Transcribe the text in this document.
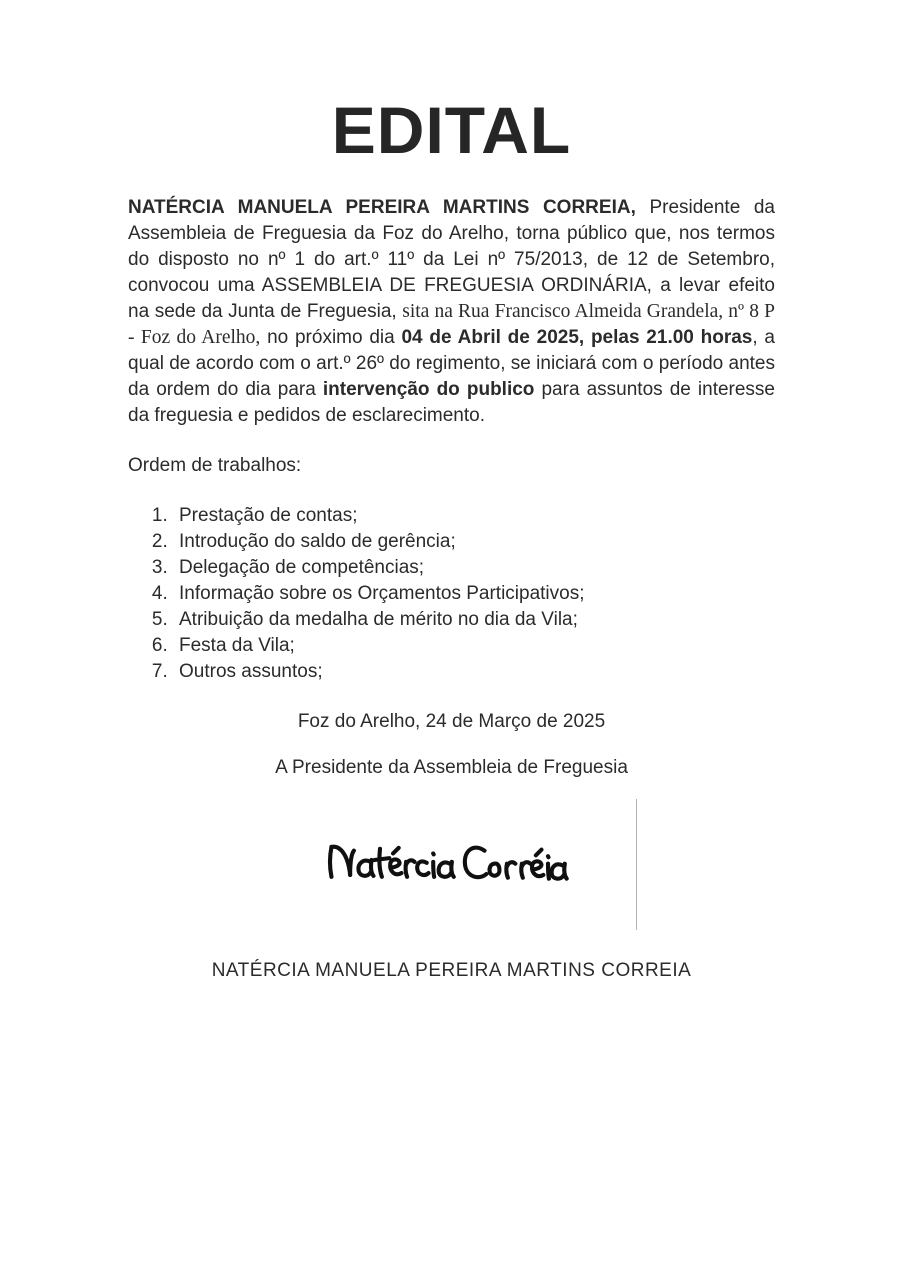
EDITAL

NATÉRCIA MANUELA PEREIRA MARTINS CORREIA, Presidente da Assembleia de Freguesia da Foz do Arelho, torna público que, nos termos do disposto no nº 1 do art.º 11º da Lei nº 75/2013, de 12 de Setembro, convocou uma ASSEMBLEIA DE FREGUESIA ORDINÁRIA, a levar efeito na sede da Junta de Freguesia, sita na Rua Francisco Almeida Grandela, nº 8 P - Foz do Arelho, no próximo dia 04 de Abril de 2025, pelas 21.00 horas, a qual de acordo com o art.º 26º do regimento, se iniciará com o período antes da ordem do dia para intervenção do publico para assuntos de interesse da freguesia e pedidos de esclarecimento.

Ordem de trabalhos:

1. Prestação de contas;
2. Introdução do saldo de gerência;
3. Delegação de competências;
4. Informação sobre os Orçamentos Participativos;
5. Atribuição da medalha de mérito no dia da Vila;
6. Festa da Vila;
7. Outros assuntos;

Foz do Arelho, 24 de Março de 2025

A Presidente da Assembleia de Freguesia

NATÉRCIA MANUELA PEREIRA MARTINS CORREIA
